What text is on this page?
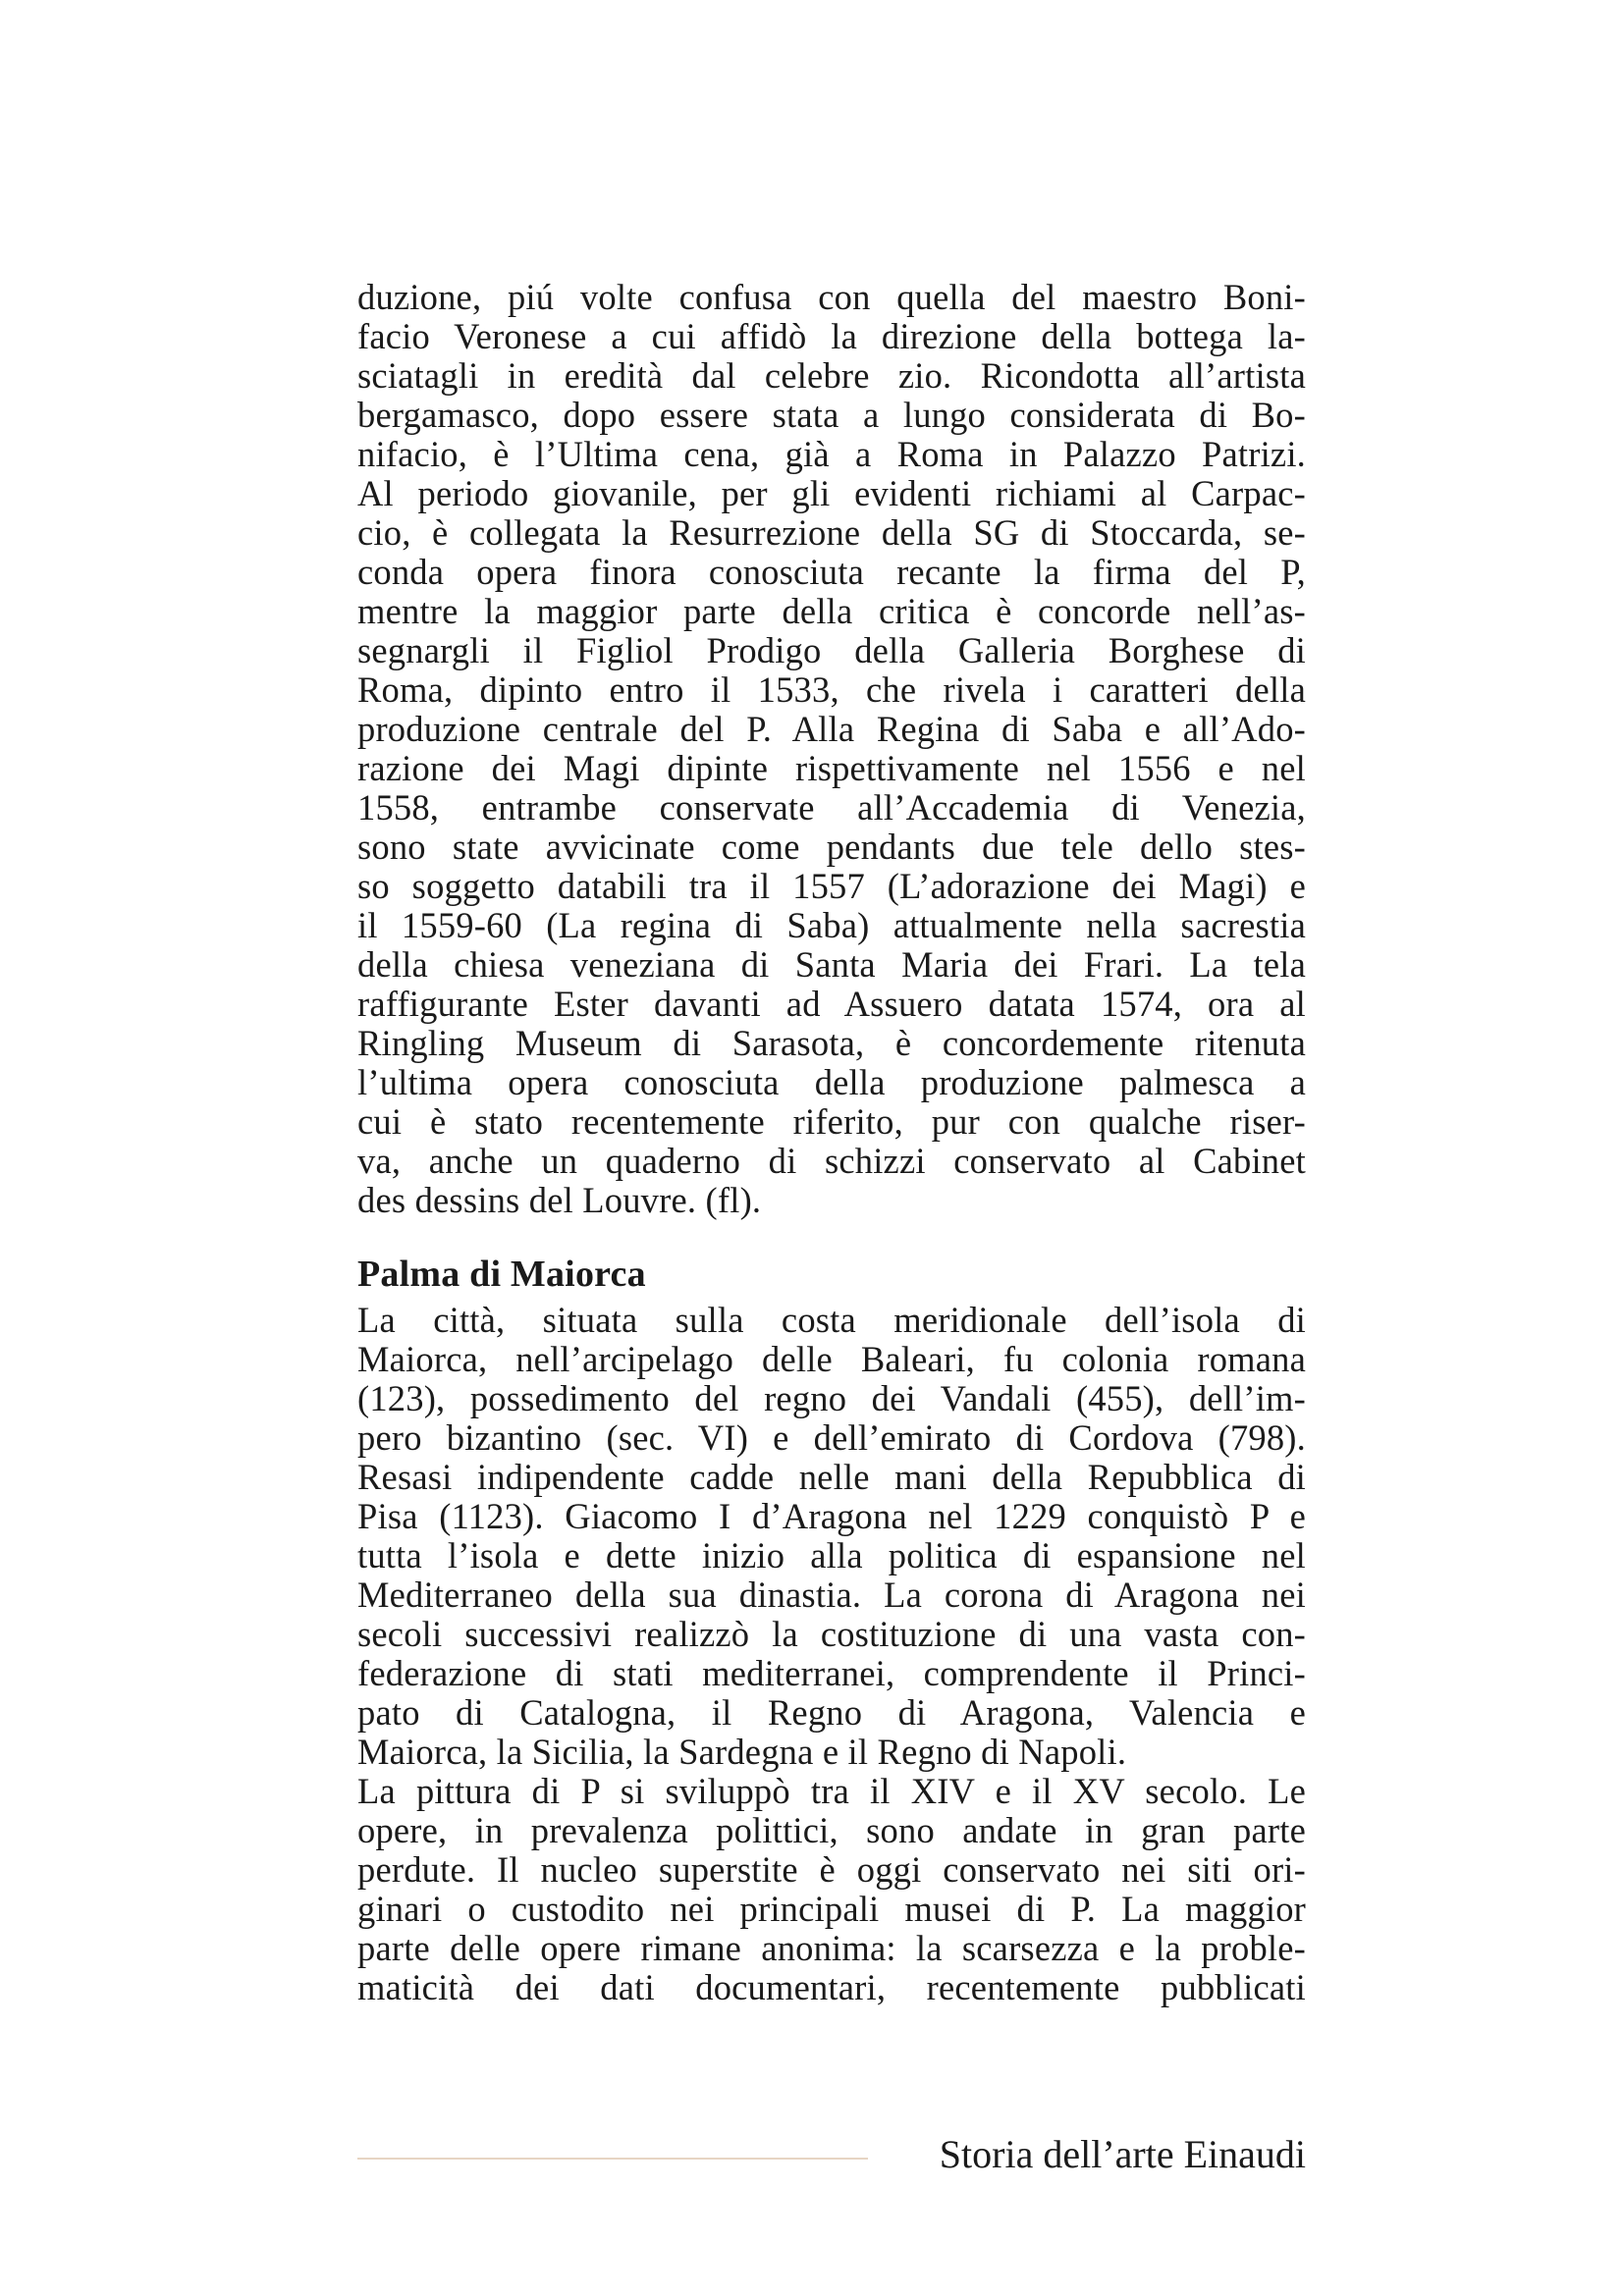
duzione, piú volte confusa con quella del maestro Boni-
facio Veronese a cui affidò la direzione della bottega la-
sciatagli in eredità dal celebre zio. Ricondotta all’artista
bergamasco, dopo essere stata a lungo considerata di Bo-
nifacio, è l’Ultima cena, già a Roma in Palazzo Patrizi.
Al periodo giovanile, per gli evidenti richiami al Carpac-
cio, è collegata la Resurrezione della SG di Stoccarda, se-
conda opera finora conosciuta recante la firma del P,
mentre la maggior parte della critica è concorde nell’as-
segnargli il Figliol Prodigo della Galleria Borghese di
Roma, dipinto entro il 1533, che rivela i caratteri della
produzione centrale del P. Alla Regina di Saba e all’Ado-
razione dei Magi dipinte rispettivamente nel 1556 e nel
1558, entrambe conservate all’Accademia di Venezia,
sono state avvicinate come pendants due tele dello stes-
so soggetto databili tra il 1557 (L’adorazione dei Magi) e
il 1559-60 (La regina di Saba) attualmente nella sacrestia
della chiesa veneziana di Santa Maria dei Frari. La tela
raffigurante Ester davanti ad Assuero datata 1574, ora al
Ringling Museum di Sarasota, è concordemente ritenuta
l’ultima opera conosciuta della produzione palmesca a
cui è stato recentemente riferito, pur con qualche riser-
va, anche un quaderno di schizzi conservato al Cabinet
des dessins del Louvre. (fl).
Palma di Maiorca
La città, situata sulla costa meridionale dell’isola di
Maiorca, nell’arcipelago delle Baleari, fu colonia romana
(123), possedimento del regno dei Vandali (455), dell’im-
pero bizantino (sec. VI) e dell’emirato di Cordova (798).
Resasi indipendente cadde nelle mani della Repubblica di
Pisa (1123). Giacomo I d’Aragona nel 1229 conquistò P e
tutta l’isola e dette inizio alla politica di espansione nel
Mediterraneo della sua dinastia. La corona di Aragona nei
secoli successivi realizzò la costituzione di una vasta con-
federazione di stati mediterranei, comprendente il Princi-
pato di Catalogna, il Regno di Aragona, Valencia e
Maiorca, la Sicilia, la Sardegna e il Regno di Napoli.
La pittura di P si sviluppò tra il XIV e il XV secolo. Le
opere, in prevalenza polittici, sono andate in gran parte
perdute. Il nucleo superstite è oggi conservato nei siti ori-
ginari o custodito nei principali musei di P. La maggior
parte delle opere rimane anonima: la scarsezza e la proble-
maticità dei dati documentari, recentemente pubblicati
Storia dell’arte Einaudi
